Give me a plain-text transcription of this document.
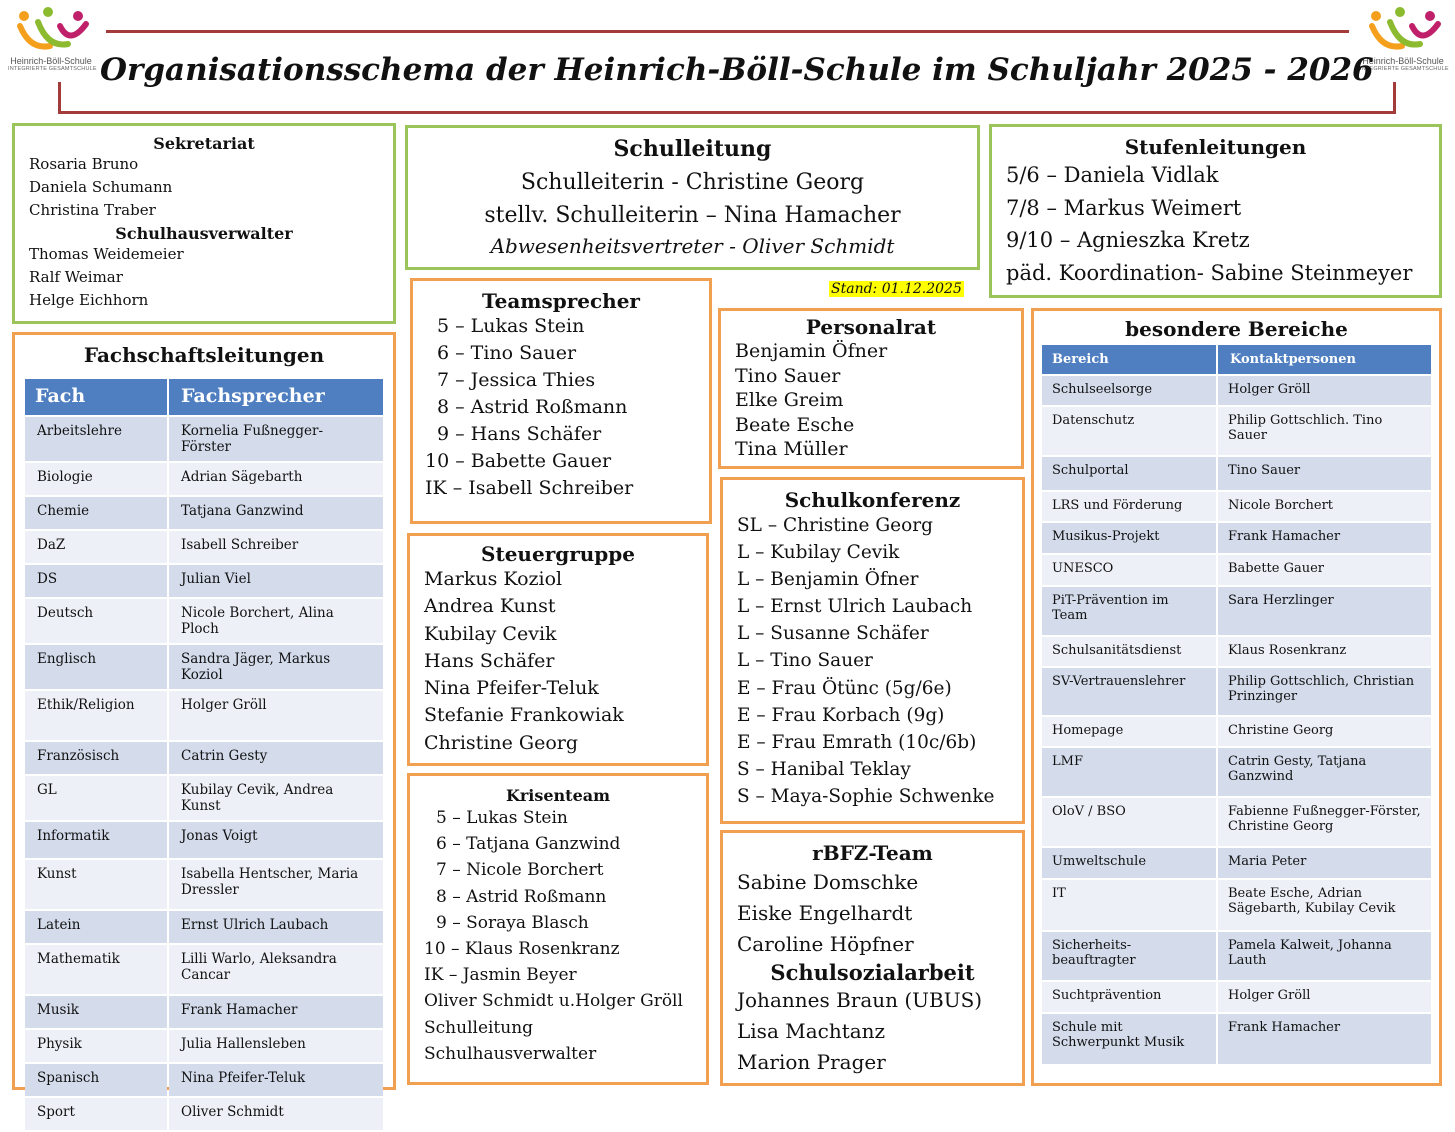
Heinrich-Böll-Schule
INTEGRIERTE GESAMTSCHULE
Heinrich-Böll-Schule
INTEGRIERTE GESAMTSCHULE
Organisationsschema der Heinrich-Böll-Schule im Schuljahr 2025 - 2026
Sekretariat
Rosaria Bruno
Daniela Schumann
Christina Traber
Schulhausverwalter
Thomas Weidemeier
Ralf Weimar
Helge Eichhorn
Schulleitung
Schulleiterin - Christine Georg
stellv. Schulleiterin – Nina Hamacher
Abwesenheitsvertreter - Oliver Schmidt
Stufenleitungen
5/6 – Daniela Vidlak
7/8 – Markus Weimert
9/10 – Agnieszka Kretz
päd. Koordination- Sabine Steinmeyer
Stand: 01.12.2025
Fachschaftsleitungen
Fach	Fachsprecher
Arbeitslehre	Kornelia Fußnegger-Förster
Biologie	Adrian Sägebarth
Chemie	Tatjana Ganzwind
DaZ	Isabell Schreiber
DS	Julian Viel
Deutsch	Nicole Borchert, Alina Ploch
Englisch	Sandra Jäger, Markus Koziol
Ethik/Religion	Holger Gröll
Französisch	Catrin Gesty
GL	Kubilay Cevik, Andrea Kunst
Informatik	Jonas Voigt
Kunst	Isabella Hentscher, Maria Dressler
Latein	Ernst Ulrich Laubach
Mathematik	Lilli Warlo, Aleksandra Cancar
Musik	Frank Hamacher
Physik	Julia Hallensleben
Spanisch	Nina Pfeifer-Teluk
Sport	Oliver Schmidt
Teamsprecher
5 – Lukas Stein
6 – Tino Sauer
7 – Jessica Thies
8 – Astrid Roßmann
9 – Hans Schäfer
10 – Babette Gauer
IK – Isabell Schreiber
Steuergruppe
Markus Koziol
Andrea Kunst
Kubilay Cevik
Hans Schäfer
Nina Pfeifer-Teluk
Stefanie Frankowiak
Christine Georg
Krisenteam
5 – Lukas Stein
6 – Tatjana Ganzwind
7 – Nicole Borchert
8 – Astrid Roßmann
9 – Soraya Blasch
10 – Klaus Rosenkranz
IK – Jasmin Beyer
Oliver Schmidt u.Holger Gröll
Schulleitung
Schulhausverwalter
Personalrat
Benjamin Öfner
Tino Sauer
Elke Greim
Beate Esche
Tina Müller
Schulkonferenz
SL – Christine Georg
L – Kubilay Cevik
L – Benjamin Öfner
L – Ernst Ulrich Laubach
L – Susanne Schäfer
L – Tino Sauer
E – Frau Ötünc (5g/6e)
E – Frau Korbach (9g)
E – Frau Emrath (10c/6b)
S – Hanibal Teklay
S – Maya-Sophie Schwenke
rBFZ-Team
Sabine Domschke
Eiske Engelhardt
Caroline Höpfner
Schulsozialarbeit
Johannes Braun (UBUS)
Lisa Machtanz
Marion Prager
besondere Bereiche
Bereich	Kontaktpersonen
Schulseelsorge	Holger Gröll
Datenschutz	Philip Gottschlich. Tino Sauer
Schulportal	Tino Sauer
LRS und Förderung	Nicole Borchert
Musikus-Projekt	Frank Hamacher
UNESCO	Babette Gauer
PiT-Prävention im Team	Sara Herzlinger
Schulsanitätsdienst	Klaus Rosenkranz
SV-Vertrauenslehrer	Philip Gottschlich, Christian Prinzinger
Homepage	Christine Georg
LMF	Catrin Gesty, Tatjana Ganzwind
OloV / BSO	Fabienne Fußnegger-Förster, Christine Georg
Umweltschule	Maria Peter
IT	Beate Esche, Adrian Sägebarth, Kubilay Cevik
Sicherheits-beauftragter	Pamela Kalweit, Johanna Lauth
Suchtprävention	Holger Gröll
Schule mit Schwerpunkt Musik	Frank Hamacher
